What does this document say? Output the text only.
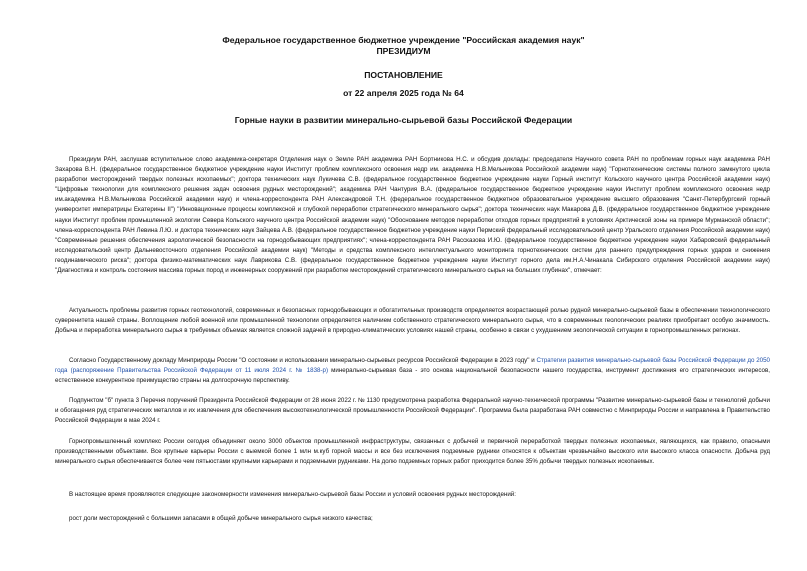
Федеральное государственное бюджетное учреждение "Российская академия наук"
ПРЕЗИДИУМ
ПОСТАНОВЛЕНИЕ
от 22 апреля 2025 года № 64
Горные науки в развитии минерально-сырьевой базы Российской Федерации

Президиум РАН, заслушав вступительное слово академика-секретаря Отделения наук о Земле РАН академика РАН Бортникова Н.С. и обсудив доклады: председателя Научного совета РАН по проблемам горных наук академика РАН Захарова В.Н. (федеральное государственное бюджетное учреждение науки Институт проблем комплексного освоения недр им. академика Н.В.Мельникова Российской академии наук) "Горнотехнические системы полного замкнутого цикла разработки месторождений твердых полезных ископаемых"; доктора технических наук Лукичева С.В. (федеральное государственное бюджетное учреждение науки Горный институт Кольского научного центра Российской академии наук) "Цифровые технологии для комплексного решения задач освоения рудных месторождений"; академика РАН Чантурия В.А. (федеральное государственное бюджетное учреждение науки Институт проблем комплексного освоения недр им.академика Н.В.Мельникова Российской академии наук) и члена-корреспондента РАН Александровой Т.Н. (федеральное государственное бюджетное образовательное учреждение высшего образования "Санкт-Петербургский горный университет императрицы Екатерины II") "Инновационные процессы комплексной и глубокой переработки стратегического минерального сырья"; доктора технических наук Макарова Д.В. (федеральное государственное бюджетное учреждение науки Институт проблем промышленной экологии Севера Кольского научного центра Российской академии наук) "Обоснование методов переработки отходов горных предприятий в условиях Арктической зоны на примере Мурманской области"; члена-корреспондента РАН Левина Л.Ю. и доктора технических наук Зайцева А.В. (федеральное государственное бюджетное учреждение науки Пермский федеральный исследовательский центр Уральского отделения Российской академии наук) "Современные решения обеспечения аэрологической безопасности на горнодобывающих предприятиях"; члена-корреспондента РАН Рассказова И.Ю. (федеральное государственное бюджетное учреждение науки Хабаровский федеральный исследовательский центр Дальневосточного отделения Российской академии наук) "Методы и средства комплексного интеллектуального мониторинга горнотехнических систем для раннего предупреждения горных ударов и снижения геодинамического риска"; доктора физико-математических наук Лаврикова С.В. (федеральное государственное бюджетное учреждение науки Институт горного дела им.Н.А.Чинакала Сибирского отделения Российской академии наук) "Диагностика и контроль состояния массива горных пород и инженерных сооружений при разработке месторождений стратегического минерального сырья на больших глубинах", отмечает:

Актуальность проблемы развития горных геотехнологий, современных и безопасных горнодобывающих и обогатительных производств определяется возрастающей ролью рудной минерально-сырьевой базы в обеспечении технологического суверенитета нашей страны. Воплощение любой военной или промышленной технологии определяется наличием собственного стратегического минерального сырья, что в современных геологических реалиях приобретает особую значимость. Добыча и переработка минерального сырья в требуемых объемах является сложной задачей в природно-климатических условиях нашей страны, особенно в связи с ухудшением экологической ситуации в горнопромышленных регионах.

Согласно Государственному докладу Минприроды России "О состоянии и использовании минерально-сырьевых ресурсов Российской Федерации в 2023 году" и Стратегии развития минерально-сырьевой базы Российской Федерации до 2050 года (распоряжение Правительства Российской Федерации от 11 июля 2024 г. № 1838-р) минерально-сырьевая база - это основа национальной безопасности нашего государства, инструмент достижения его стратегических интересов, естественное конкурентное преимущество страны на долгосрочную перспективу.

Подпунктом "б" пункта 3 Перечня поручений Президента Российской Федерации от 28 июня 2022 г. № 1130 предусмотрена разработка Федеральной научно-технической программы "Развитие минерально-сырьевой базы и технологий добычи и обогащения руд стратегических металлов и их извлечения для обеспечения высокотехнологической промышленности Российской Федерации". Программа была разработана РАН совместно с Минприроды России и направлена в Правительство Российской Федерации в мае 2024 г.

Горнопромышленный комплекс России сегодня объединяет около 3000 объектов промышленной инфраструктуры, связанных с добычей и первичной переработкой твердых полезных ископаемых, являющихся, как правило, опасными производственными объектами. Все крупные карьеры России с выемкой более 1 млн м.куб горной массы и все без исключения подземные рудники относятся к объектам чрезвычайно высокого или высокого класса опасности. Добыча руд минерального сырья обеспечивается более чем пятьюстами крупными карьерами и подземными рудниками. На долю подземных горных работ приходится более 35% добычи твердых полезных ископаемых.

В настоящее время проявляются следующие закономерности изменения минерально-сырьевой базы России и условий освоения рудных месторождений:

рост доли месторождений с большими запасами в общей добыче минерального сырья низкого качества;
